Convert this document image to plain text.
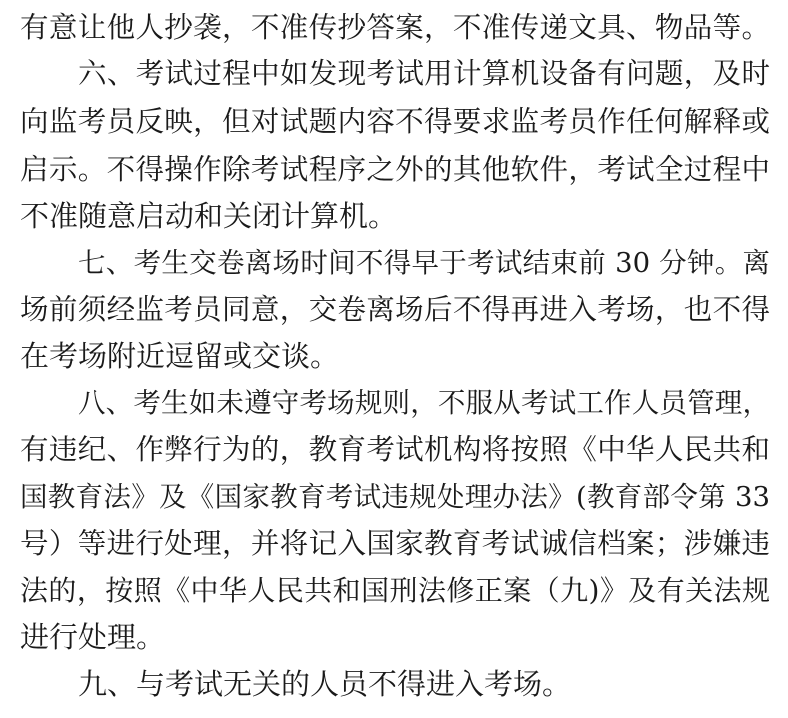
有意让他人抄袭，不准传抄答案，不准传递文具、物品等。
六、考试过程中如发现考试用计算机设备有问题，及时
向监考员反映，但对试题内容不得要求监考员作任何解释或
启示。不得操作除考试程序之外的其他软件，考试全过程中
不准随意启动和关闭计算机。
七、考生交卷离场时间不得早于考试结束前 30 分钟。离
场前须经监考员同意，交卷离场后不得再进入考场，也不得
在考场附近逗留或交谈。
八、考生如未遵守考场规则，不服从考试工作人员管理，
有违纪、作弊行为的，教育考试机构将按照《中华人民共和
国教育法》及《国家教育考试违规处理办法》(教育部令第 33
号）等进行处理，并将记入国家教育考试诚信档案；涉嫌违
法的，按照《中华人民共和国刑法修正案（九)》及有关法规
进行处理。
九、与考试无关的人员不得进入考场。
